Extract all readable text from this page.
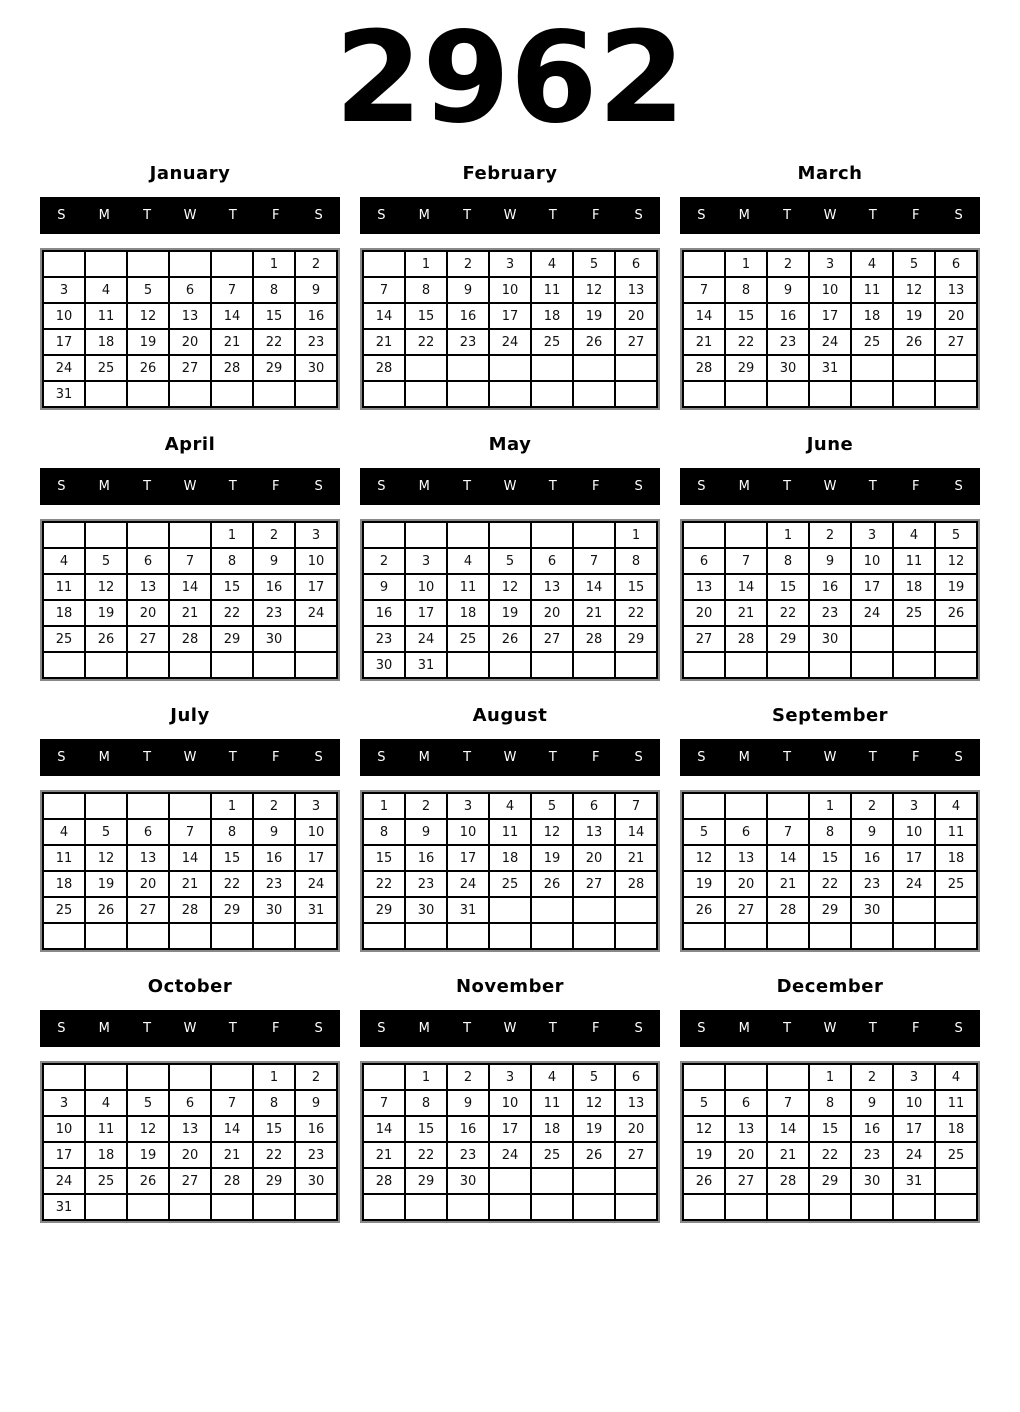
2962
January
S	M	T	W	T	F	S
					1	2
3	4	5	6	7	8	9
10	11	12	13	14	15	16
17	18	19	20	21	22	23
24	25	26	27	28	29	30
31						
February
S	M	T	W	T	F	S
	1	2	3	4	5	6
7	8	9	10	11	12	13
14	15	16	17	18	19	20
21	22	23	24	25	26	27
28						

March
S	M	T	W	T	F	S
	1	2	3	4	5	6
7	8	9	10	11	12	13
14	15	16	17	18	19	20
21	22	23	24	25	26	27
28	29	30	31			

April
S	M	T	W	T	F	S
				1	2	3
4	5	6	7	8	9	10
11	12	13	14	15	16	17
18	19	20	21	22	23	24
25	26	27	28	29	30	

May
S	M	T	W	T	F	S
						1
2	3	4	5	6	7	8
9	10	11	12	13	14	15
16	17	18	19	20	21	22
23	24	25	26	27	28	29
30	31					
June
S	M	T	W	T	F	S
		1	2	3	4	5
6	7	8	9	10	11	12
13	14	15	16	17	18	19
20	21	22	23	24	25	26
27	28	29	30			

July
S	M	T	W	T	F	S
				1	2	3
4	5	6	7	8	9	10
11	12	13	14	15	16	17
18	19	20	21	22	23	24
25	26	27	28	29	30	31

August
S	M	T	W	T	F	S
1	2	3	4	5	6	7
8	9	10	11	12	13	14
15	16	17	18	19	20	21
22	23	24	25	26	27	28
29	30	31				

September
S	M	T	W	T	F	S
			1	2	3	4
5	6	7	8	9	10	11
12	13	14	15	16	17	18
19	20	21	22	23	24	25
26	27	28	29	30		

October
S	M	T	W	T	F	S
					1	2
3	4	5	6	7	8	9
10	11	12	13	14	15	16
17	18	19	20	21	22	23
24	25	26	27	28	29	30
31						
November
S	M	T	W	T	F	S
	1	2	3	4	5	6
7	8	9	10	11	12	13
14	15	16	17	18	19	20
21	22	23	24	25	26	27
28	29	30				

December
S	M	T	W	T	F	S
			1	2	3	4
5	6	7	8	9	10	11
12	13	14	15	16	17	18
19	20	21	22	23	24	25
26	27	28	29	30	31	
